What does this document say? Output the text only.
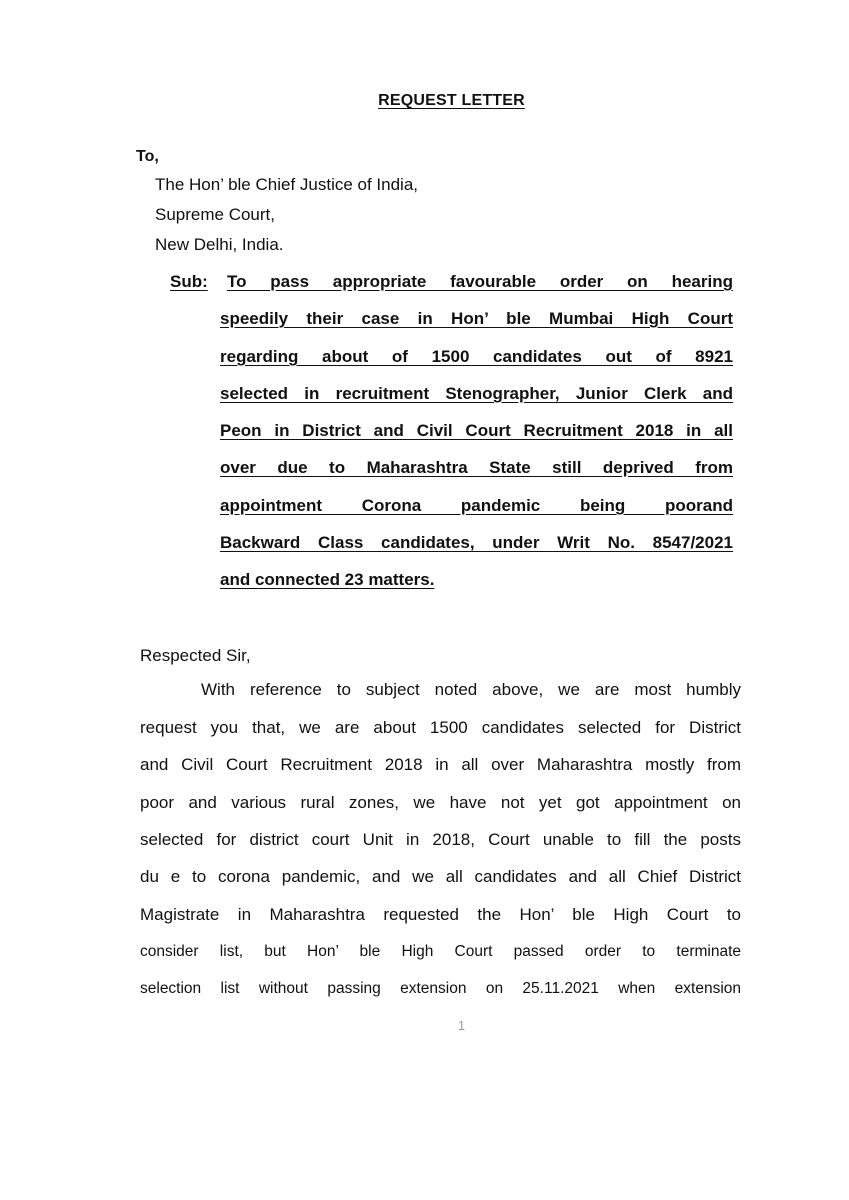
REQUEST LETTER
To,
The Hon’ ble Chief Justice of India,
Supreme Court,
New Delhi, India.
Sub: To pass appropriate favourable order on hearing
speedily their case in Hon’ ble Mumbai High Court
regarding about of 1500 candidates out of 8921
selected in recruitment Stenographer, Junior Clerk and
Peon in District and Civil Court Recruitment 2018 in all
over due to Maharashtra State still deprived from
appointment Corona pandemic being poorand
Backward Class candidates, under Writ No. 8547/2021
and connected 23 matters.
Respected Sir,
With reference to subject noted above, we are most humbly
request you that, we are about 1500 candidates selected for District
and Civil Court Recruitment 2018 in all over Maharashtra mostly from
poor and various rural zones, we have not yet got appointment on
selected for district court Unit in 2018, Court unable to fill the posts
du e to corona pandemic, and we all candidates and all Chief District
Magistrate in Maharashtra requested the Hon’ ble High Court to
consider list, but Hon’ ble High Court passed order to terminate
selection list without passing extension on 25.11.2021 when extension
1
